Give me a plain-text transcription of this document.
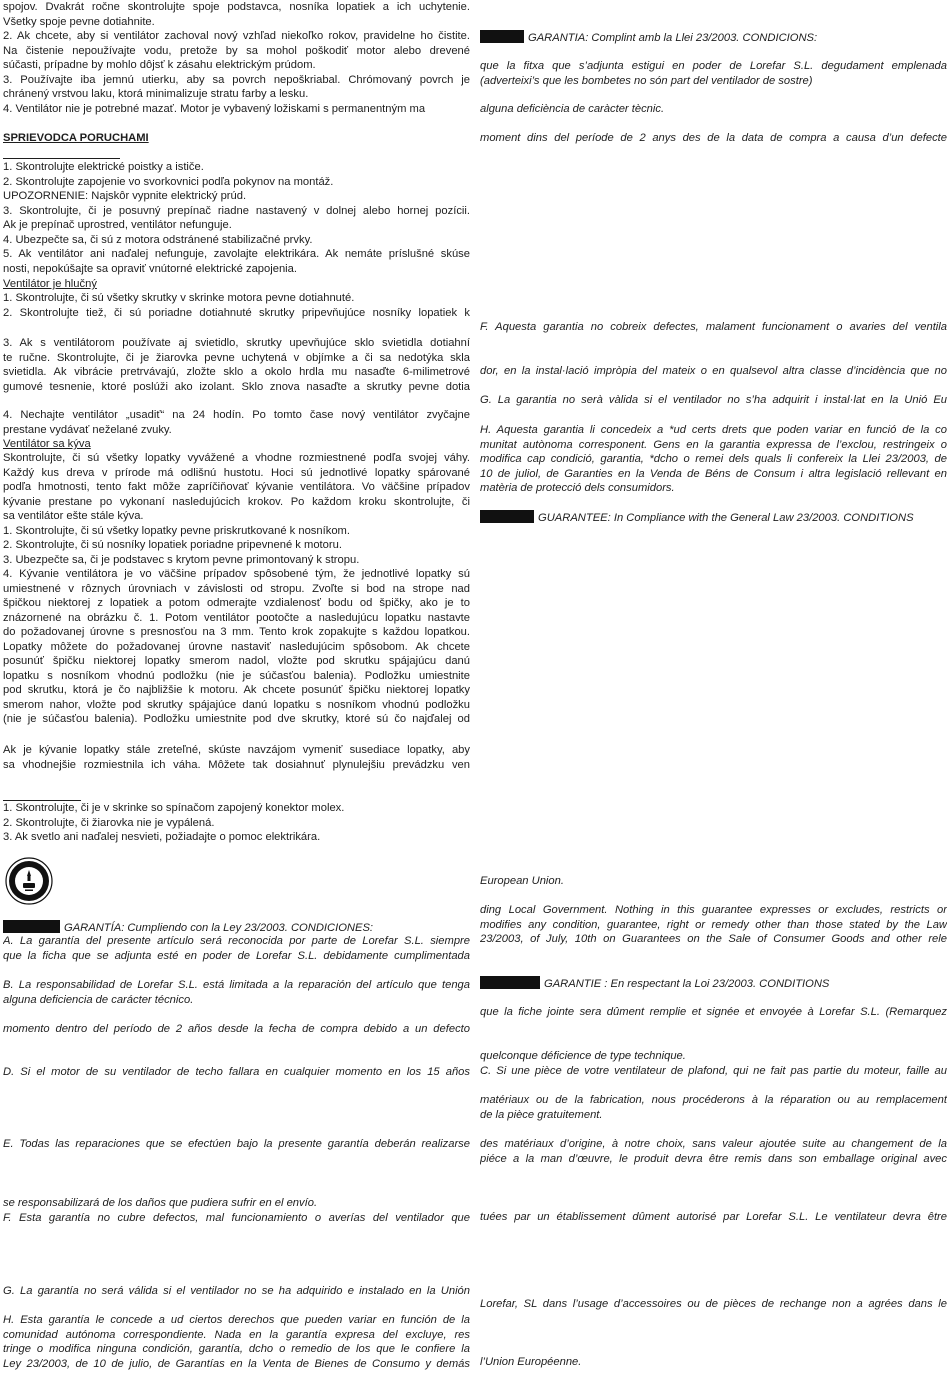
spojov. Dvakrát ročne skontrolujte spoje podstavca, nosníka lopatiek a ich uchytenie.
Všetky spoje pevne dotiahnite.
2. Ak chcete, aby si ventilátor zachoval nový vzhľad niekoľko rokov, pravidelne ho čistite.
Na čistenie nepoužívajte vodu, pretože by sa mohol poškodiť motor alebo drevené
súčasti, prípadne by mohlo dôjsť k zásahu elektrickým prúdom.
3. Používajte iba jemnú utierku, aby sa povrch nepoškriabal. Chrómovaný povrch je
chránený vrstvou laku, ktorá minimalizuje stratu farby a lesku.
4. Ventilátor nie je potrebné mazať. Motor je vybavený ložiskami s permanentným ma
SPRIEVODCA PORUCHAMI
1. Skontrolujte elektrické poistky a ističe.
2. Skontrolujte zapojenie vo svorkovnici podľa pokynov na montáž.
UPOZORNENIE: Najskôr vypnite elektrický prúd.
3. Skontrolujte, či je posuvný prepínač riadne nastavený v dolnej alebo hornej pozícii.
Ak je prepínač uprostred, ventilátor nefunguje.
4. Ubezpečte sa, či sú z motora odstránené stabilizačné prvky.
5. Ak ventilátor ani naďalej nefunguje, zavolajte elektrikára. Ak nemáte príslušné skúse
nosti, nepokúšajte sa opraviť vnútorné elektrické zapojenia.
Ventilátor je hlučný
1. Skontrolujte, či sú všetky skrutky v skrinke motora pevne dotiahnuté.
2. Skontrolujte tiež, či sú poriadne dotiahnuté skrutky pripevňujúce nosníky lopatiek k
3. Ak s ventilátorom používate aj svietidlo, skrutky upevňujúce sklo svietidla dotiahní
te ručne. Skontrolujte, či je žiarovka pevne uchytená v objímke a či sa nedotýka skla
svietidla. Ak vibrácie pretrvávajú, zložte sklo a okolo hrdla mu nasaďte 6-milimetrové
gumové tesnenie, ktoré poslúži ako izolant. Sklo znova nasaďte a skrutky pevne dotia
4. Nechajte ventilátor „usadiť“ na 24 hodín. Po tomto čase nový ventilátor zvyčajne
prestane vydávať neželané zvuky.
Ventilátor sa kýva
Skontrolujte, či sú všetky lopatky vyvážené a vhodne rozmiestnené podľa svojej váhy.
Každý kus dreva v prírode má odlišnú hustotu. Hoci sú jednotlivé lopatky spárované
podľa hmotnosti, tento fakt môže zapríčiňovať kývanie ventilátora. Vo väčšine prípadov
kývanie prestane po vykonaní nasledujúcich krokov. Po každom kroku skontrolujte, či
sa ventilátor ešte stále kýva.
1. Skontrolujte, či sú všetky lopatky pevne priskrutkované k nosníkom.
2. Skontrolujte, či sú nosníky lopatiek poriadne pripevnené k motoru.
3. Ubezpečte sa, či je podstavec s krytom pevne primontovaný k stropu.
4. Kývanie ventilátora je vo väčšine prípadov spôsobené tým, že jednotlivé lopatky sú
umiestnené v rôznych úrovniach v závislosti od stropu. Zvoľte si bod na strope nad
špičkou niektorej z lopatiek a potom odmerajte vzdialenosť bodu od špičky, ako je to
znázornené na obrázku č. 1. Potom ventilátor pootočte a nasledujúcu lopatku nastavte
do požadovanej úrovne s presnosťou na 3 mm. Tento krok zopakujte s každou lopatkou.
Lopatky môžete do požadovanej úrovne nastaviť nasledujúcim spôsobom. Ak chcete
posunúť špičku niektorej lopatky smerom nadol, vložte pod skrutku spájajúcu danú
lopatku s nosníkom vhodnú podložku (nie je súčasťou balenia). Podložku umiestnite
pod skrutku, ktorá je čo najbližšie k motoru. Ak chcete posunúť špičku niektorej lopatky
smerom nahor, vložte pod skrutky spájajúce danú lopatku s nosníkom vhodnú podložku
(nie je súčasťou balenia). Podložku umiestnite pod dve skrutky, ktoré sú čo najďalej od
Ak je kývanie lopatky stále zreteľné, skúste navzájom vymeniť susediace lopatky, aby
sa vhodnejšie rozmiestnila ich váha. Môžete tak dosiahnuť plynulejšiu prevádzku ven
1. Skontrolujte, či je v skrinke so spínačom zapojený konektor molex.
2. Skontrolujte, či žiarovka nie je vypálená.
3. Ak svetlo ani naďalej nesvieti, požiadajte o pomoc elektrikára.
GARANTÍA: Cumpliendo con la Ley 23/2003. CONDICIONES:
A. La garantía del presente artículo será reconocida por parte de Lorefar S.L. siempre
que la ficha que se adjunta esté en poder de Lorefar S.L. debidamente cumplimentada
B. La responsabilidad de Lorefar S.L. está limitada a la reparación del artículo que tenga
alguna deficiencia de carácter técnico.
momento dentro del período de 2 años desde la fecha de compra debido a un defecto
D. Si el motor de su ventilador de techo fallara en cualquier momento en los 15 años
E. Todas las reparaciones que se efectúen bajo la presente garantía deberán realizarse
se responsabilizará de los daños que pudiera sufrir en el envío.
F. Esta garantía no cubre defectos, mal funcionamiento o averías del ventilador que
G. La garantía no será válida si el ventilador no se ha adquirido e instalado en la Unión
H. Esta garantía le concede a ud ciertos derechos que pueden variar en función de la
comunidad autónoma correspondiente. Nada en la garantía expresa del excluye, res
tringe o modifica ninguna condición, garantía, dcho o remedio de los que le confiere la
Ley 23/2003, de 10 de julio, de Garantías en la Venta de Bienes de Consumo y demás
GARANTIA: Complint amb la Llei 23/2003. CONDICIONS:
que la fitxa que s’adjunta estigui en poder de Lorefar S.L. degudament emplenada
(adverteixi’s que les bombetes no són part del ventilador de sostre)
alguna deficiència de caràcter tècnic.
moment dins del període de 2 anys des de la data de compra a causa d’un defecte
F. Aquesta garantia no cobreix defectes, malament funcionament o avaries del ventila
dor, en la instal·lació impròpia del mateix o en qualsevol altra classe d’incidència que no
G. La garantia no serà vàlida si el ventilador no s’ha adquirit i instal·lat en la Unió Eu
H. Aquesta garantia li concedeix a *ud certs drets que poden variar en funció de la co
munitat autònoma corresponent. Gens en la garantia expressa de l’exclou, restringeix o
modifica cap condició, garantia, *dcho o remei dels quals li confereix la Llei 23/2003, de
10 de juliol, de Garanties en la Venda de Béns de Consum i altra legislació rellevant en
matèria de protecció dels consumidors.
GUARANTEE: In Compliance with the General Law 23/2003. CONDITIONS
European Union.
ding Local Government. Nothing in this guarantee expresses or excludes, restricts or
modifies any condition, guarantee, right or remedy other than those stated by the Law
23/2003, of July, 10th on Guarantees on the Sale of Consumer Goods and other rele
GARANTIE : En respectant la Loi 23/2003. CONDITIONS
que la fiche jointe sera dûment remplie et signée et envoyée à Lorefar S.L. (Remarquez
quelconque déficience de type technique.
C. Si une pièce de votre ventilateur de plafond, qui ne fait pas partie du moteur, faille au
matériaux ou de la fabrication, nous procéderons à la réparation ou au remplacement
de la pièce gratuitement.
des matériaux d’origine, à notre choix, sans valeur ajoutée suite au changement de la
piéce a la man d’œuvre, le produit devra être remis dans son emballage original avec
tuées par un établissement dûment autorisé par Lorefar S.L. Le ventilateur devra être
Lorefar, SL dans l’usage d’accessoires ou de pièces de rechange non a agrées dans le
l’Union Européenne.
